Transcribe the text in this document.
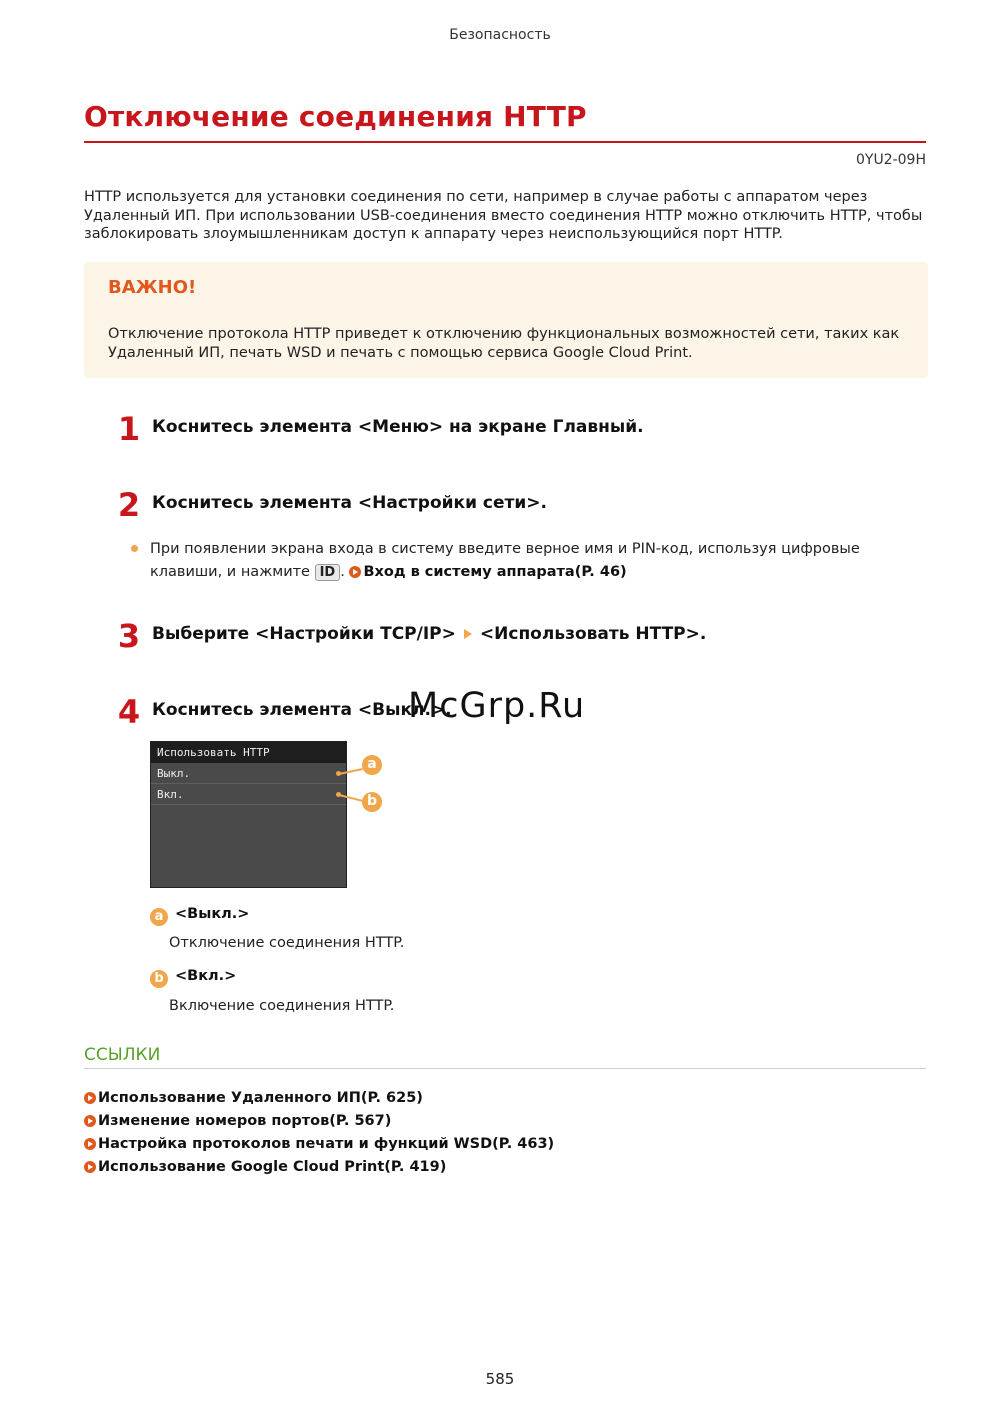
Безопасность
Отключение соединения HTTP
0YU2-09H
HTTP используется для установки соединения по сети, например в случае работы с аппаратом через Удаленный ИП. При использовании USB-соединения вместо соединения HTTP можно отключить HTTP, чтобы заблокировать злоумышленникам доступ к аппарату через неиспользующийся порт HTTP.
ВАЖНО!
Отключение протокола HTTP приведет к отключению функциональных возможностей сети, таких как Удаленный ИП, печать WSD и печать с помощью сервиса Google Cloud Print.
1 Коснитесь элемента <Меню> на экране Главный.
2 Коснитесь элемента <Настройки сети>.
При появлении экрана входа в систему введите верное имя и PIN-код, используя цифровые клавиши, и нажмите ID . Вход в систему аппарата(P. 46)
3 Выберите <Настройки TCP/IP> <Использовать HTTP>.
4 Коснитесь элемента <Выкл.>.
Использовать HTTP
Выкл.
Вкл.
a
b
a <Выкл.>
Отключение соединения HTTP.
b <Вкл.>
Включение соединения HTTP.
ССЫЛКИ
Использование Удаленного ИП(P. 625)
Изменение номеров портов(P. 567)
Настройка протоколов печати и функций WSD(P. 463)
Использование Google Cloud Print(P. 419)
McGrp.Ru
585
